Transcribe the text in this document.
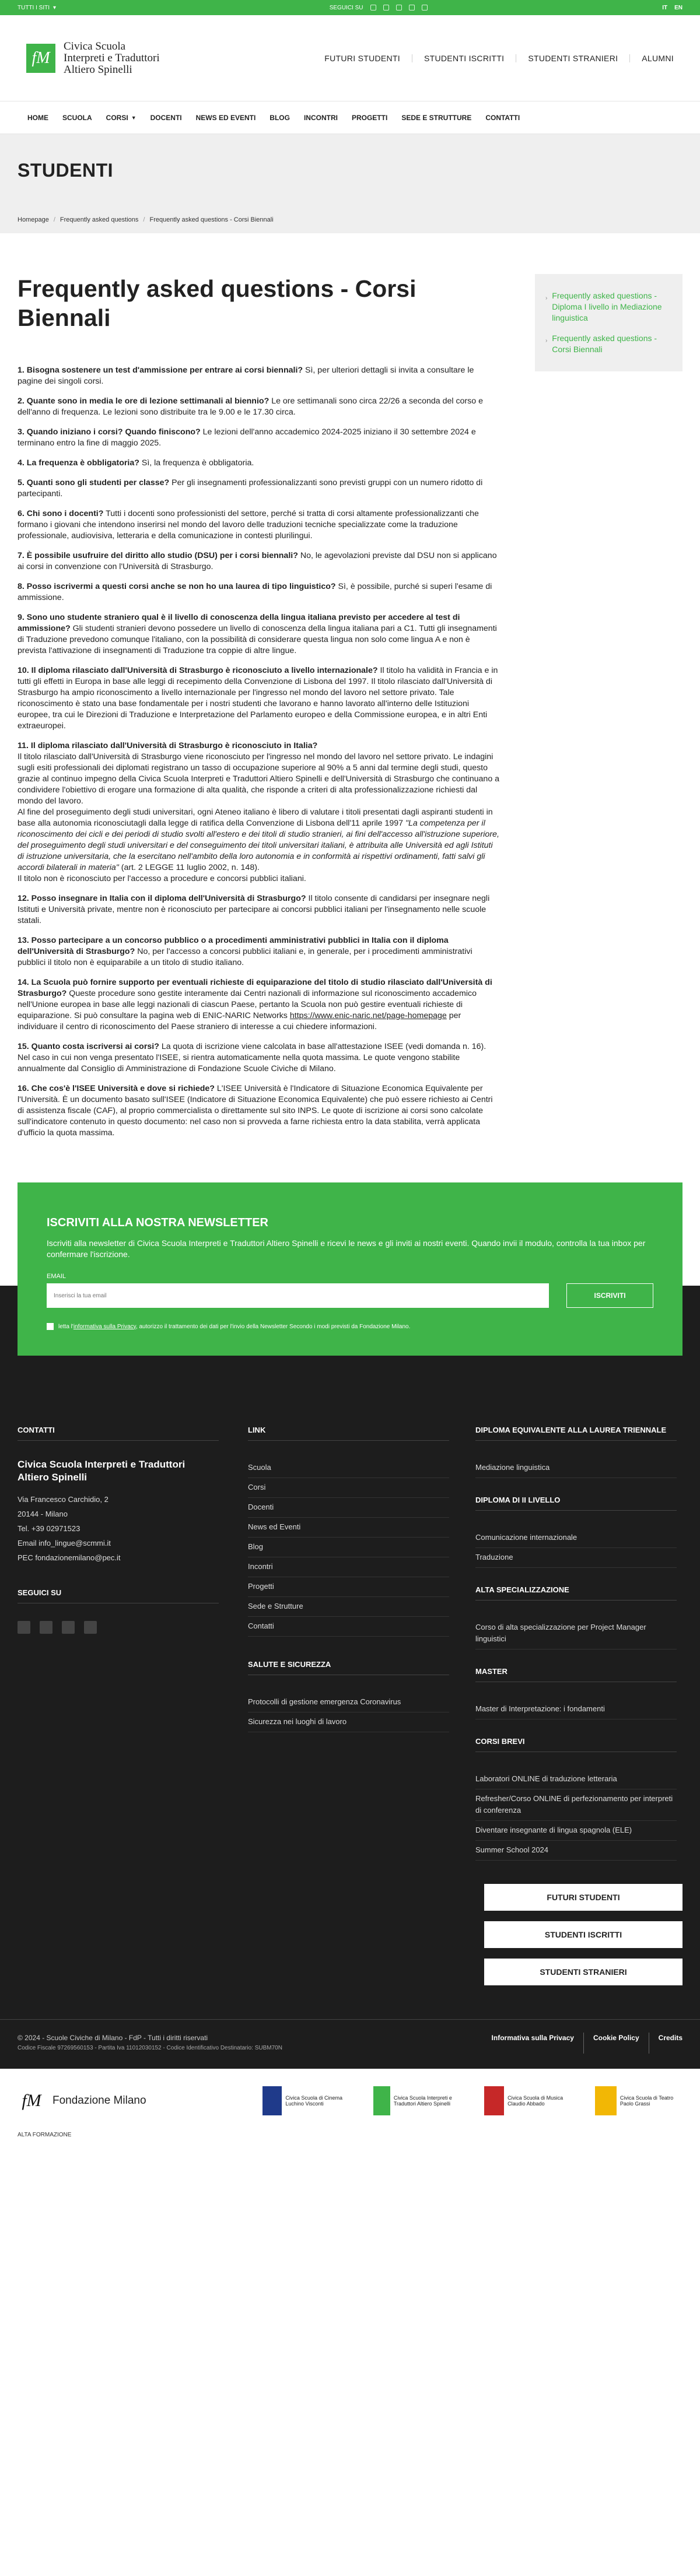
TUTTI I SITI ▾	SEGUICI SU	IT EN
fM
Civica Scuola
Interpreti e Traduttori
Altiero Spinelli
FUTURI STUDENTI	STUDENTI ISCRITTI	STUDENTI STRANIERI	ALUMNI
HOME	SCUOLA	CORSI ▼	DOCENTI	NEWS ED EVENTI	BLOG	INCONTRI	PROGETTI	SEDE E STRUTTURE	CONTATTI
STUDENTI
Homepage / Frequently asked questions / Frequently asked questions - Corsi Biennali
Frequently asked questions - Corsi Biennali

1. Bisogna sostenere un test d'ammissione per entrare ai corsi biennali? Sì, per ulteriori dettagli si invita a consultare le pagine dei singoli corsi.

2. Quante sono in media le ore di lezione settimanali al biennio? Le ore settimanali sono circa 22/26 a seconda del corso e dell'anno di frequenza. Le lezioni sono distribuite tra le 9.00 e le 17.30 circa.

3. Quando iniziano i corsi? Quando finiscono? Le lezioni dell'anno accademico 2024-2025 iniziano il 30 settembre 2024 e terminano entro la fine di maggio 2025.

4. La frequenza è obbligatoria? Sì, la frequenza è obbligatoria.

5. Quanti sono gli studenti per classe? Per gli insegnamenti professionalizzanti sono previsti gruppi con un numero ridotto di partecipanti.

6. Chi sono i docenti? Tutti i docenti sono professionisti del settore, perché si tratta di corsi altamente professionalizzanti che formano i giovani che intendono inserirsi nel mondo del lavoro delle traduzioni tecniche specializzate come la traduzione professionale, audiovisiva, letteraria e della comunicazione in contesti plurilingui.

7. È possibile usufruire del diritto allo studio (DSU) per i corsi biennali? No, le agevolazioni previste dal DSU non si applicano ai corsi in convenzione con l'Università di Strasburgo.

8. Posso iscrivermi a questi corsi anche se non ho una laurea di tipo linguistico? Sì, è possibile, purché si superi l'esame di ammissione.

9. Sono uno studente straniero qual è il livello di conoscenza della lingua italiana previsto per accedere al test di ammissione? Gli studenti stranieri devono possedere un livello di conoscenza della lingua italiana pari a C1. Tutti gli insegnamenti di Traduzione prevedono comunque l'italiano, con la possibilità di considerare questa lingua non solo come lingua A e non è prevista l'attivazione di insegnamenti di Traduzione tra coppie di altre lingue.

10. Il diploma rilasciato dall'Università di Strasburgo è riconosciuto a livello internazionale? Il titolo ha validità in Francia e in tutti gli effetti in Europa in base alle leggi di recepimento della Convenzione di Lisbona del 1997. Il titolo rilasciato dall'Università di Strasburgo ha ampio riconoscimento a livello internazionale per l'ingresso nel mondo del lavoro nel settore privato. Tale riconoscimento è stato una base fondamentale per i nostri studenti che lavorano e hanno lavorato all'interno delle Istituzioni europee, tra cui le Direzioni di Traduzione e Interpretazione del Parlamento europeo e della Commissione europea, e in altri Enti extraeuropei.

11. Il diploma rilasciato dall'Università di Strasburgo è riconosciuto in Italia?
Il titolo rilasciato dall'Università di Strasburgo viene riconosciuto per l'ingresso nel mondo del lavoro nel settore privato. Le indagini sugli esiti professionali dei diplomati registrano un tasso di occupazione superiore al 90% a 5 anni dal termine degli studi, questo grazie al continuo impegno della Civica Scuola Interpreti e Traduttori Altiero Spinelli e dell'Università di Strasburgo che continuano a condividere l'obiettivo di erogare una formazione di alta qualità, che risponde a criteri di alta professionalizzazione richiesti dal mondo del lavoro.
Al fine del proseguimento degli studi universitari, ogni Ateneo italiano è libero di valutare i titoli presentati dagli aspiranti studenti in base alla autonomia riconosciutagli dalla legge di ratifica della Convenzione di Lisbona dell'11 aprile 1997 "La competenza per il riconoscimento dei cicli e dei periodi di studio svolti all'estero e dei titoli di studio stranieri, ai fini dell'accesso all'istruzione superiore, del proseguimento degli studi universitari e del conseguimento dei titoli universitari italiani, è attribuita alle Università ed agli Istituti di istruzione universitaria, che la esercitano nell'ambito della loro autonomia e in conformità ai rispettivi ordinamenti, fatti salvi gli accordi bilaterali in materia" (art. 2 LEGGE 11 luglio 2002, n. 148).
Il titolo non è riconosciuto per l'accesso a procedure e concorsi pubblici italiani.

12. Posso insegnare in Italia con il diploma dell'Università di Strasburgo? Il titolo consente di candidarsi per insegnare negli Istituti e Università private, mentre non è riconosciuto per partecipare ai concorsi pubblici italiani per l'insegnamento nelle scuole statali.

13. Posso partecipare a un concorso pubblico o a procedimenti amministrativi pubblici in Italia con il diploma dell'Università di Strasburgo? No, per l'accesso a concorsi pubblici italiani e, in generale, per i procedimenti amministrativi pubblici il titolo non è equiparabile a un titolo di studio italiano.

14. La Scuola può fornire supporto per eventuali richieste di equiparazione del titolo di studio rilasciato dall'Università di Strasburgo? Queste procedure sono gestite interamente dai Centri nazionali di informazione sul riconoscimento accademico nell'Unione europea in base alle leggi nazionali di ciascun Paese, pertanto la Scuola non può gestire eventuali richieste di equiparazione. Si può consultare la pagina web di ENIC-NARIC Networks https://www.enic-naric.net/page-homepage per individuare il centro di riconoscimento del Paese straniero di interesse a cui chiedere informazioni.

15. Quanto costa iscriversi ai corsi? La quota di iscrizione viene calcolata in base all'attestazione ISEE (vedi domanda n. 16). Nel caso in cui non venga presentato l'ISEE, si rientra automaticamente nella quota massima. Le quote vengono stabilite annualmente dal Consiglio di Amministrazione di Fondazione Scuole Civiche di Milano.

16. Che cos'è l'ISEE Università e dove si richiede? L'ISEE Università è l'Indicatore di Situazione Economica Equivalente per l'Università. È un documento basato sull'ISEE (Indicatore di Situazione Economica Equivalente) che può essere richiesto ai Centri di assistenza fiscale (CAF), al proprio commercialista o direttamente sul sito INPS. Le quote di iscrizione ai corsi sono calcolate sull'indicatore contenuto in questo documento: nel caso non si provveda a farne richiesta entro la data stabilita, verrà applicata d'ufficio la quota massima.

› Frequently asked questions - Diploma I livello in Mediazione linguistica
› Frequently asked questions - Corsi Biennali
ISCRIVITI ALLA NOSTRA NEWSLETTER

Iscriviti alla newsletter di Civica Scuola Interpreti e Traduttori Altiero Spinelli e ricevi le news e gli inviti ai nostri eventi. Quando invii il modulo, controlla la tua inbox per confermare l'iscrizione.

EMAIL
Inserisci la tua email
ISCRIVITI
letta l'informativa sulla Privacy, autorizzo il trattamento dei dati per l'invio della Newsletter Secondo i modi previsti da Fondazione Milano.
CONTATTI
Civica Scuola Interpreti e Traduttori Altiero Spinelli
Via Francesco Carchidio, 2
20144 - Milano
Tel. +39 02971523
Email info_lingue@scmmi.it
PEC fondazionemilano@pec.it
SEGUICI SU
LINK
Scuola
Corsi
Docenti
News ed Eventi
Blog
Incontri
Progetti
Sede e Strutture
Contatti
SALUTE E SICUREZZA
Protocolli di gestione emergenza Coronavirus
Sicurezza nei luoghi di lavoro
DIPLOMA EQUIVALENTE ALLA LAUREA TRIENNALE
Mediazione linguistica
DIPLOMA DI II LIVELLO
Comunicazione internazionale
Traduzione
ALTA SPECIALIZZAZIONE
Corso di alta specializzazione per Project Manager linguistici
MASTER
Master di Interpretazione: i fondamenti
CORSI BREVI
Laboratori ONLINE di traduzione letteraria
Refresher/Corso ONLINE di perfezionamento per interpreti di conferenza
Diventare insegnante di lingua spagnola (ELE)
Summer School 2024
FUTURI STUDENTI
STUDENTI ISCRITTI
STUDENTI STRANIERI
© 2024 - Scuole Civiche di Milano - FdP - Tutti i diritti riservati
Codice Fiscale 97269560153 - Partita Iva 11012030152 - Codice Identificativo Destinatario: SUBM70N
Informativa sulla Privacy	Cookie Policy	Credits
fM	Fondazione Milano	Civica Scuola di Cinema Luchino Visconti
Civica Scuola Interpreti e Traduttori Altiero Spinelli
Civica Scuola di Musica Claudio Abbado
Civica Scuola di Teatro Paolo Grassi
ALTA FORMAZIONE
